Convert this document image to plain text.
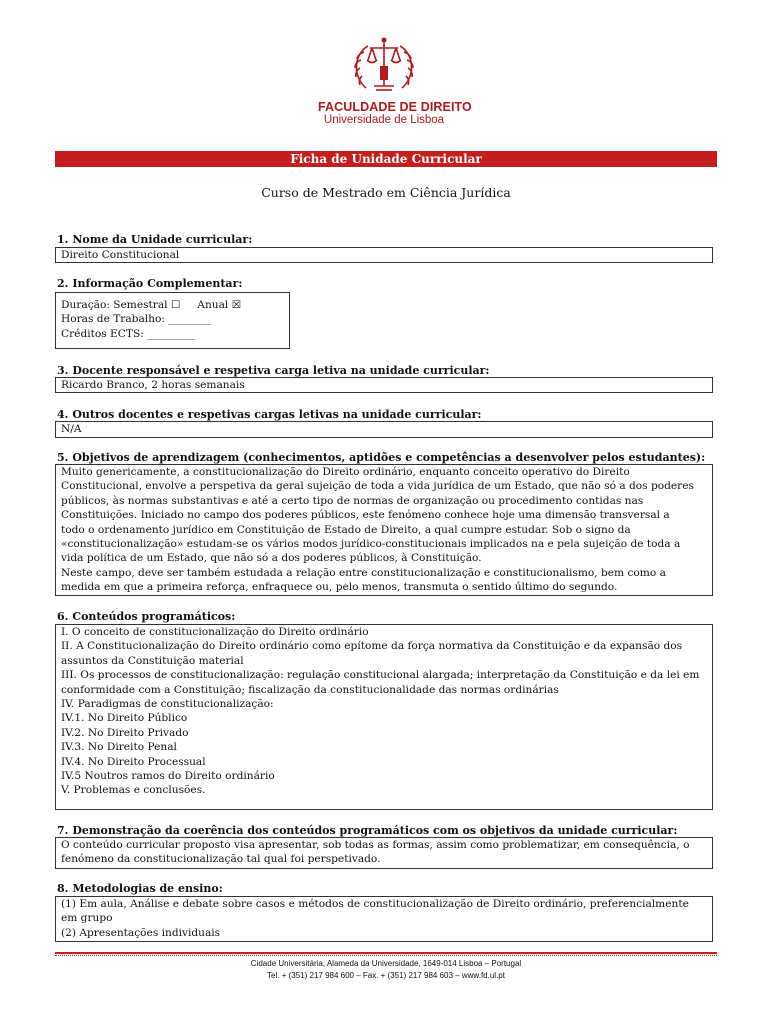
FACULDADE DE DIREITO
Universidade de Lisboa
Ficha de Unidade Curricular
Curso de Mestrado em Ciência Jurídica
1. Nome da Unidade curricular:
Direito Constitucional
2. Informação Complementar:
Duração: Semestral ☐ Anual ☒
Horas de Trabalho: ________
Créditos ECTS: _________
3. Docente responsável e respetiva carga letiva na unidade curricular:
Ricardo Branco, 2 horas semanais
4. Outros docentes e respetivas cargas letivas na unidade curricular:
N/A
5. Objetivos de aprendizagem (conhecimentos, aptidões e competências a desenvolver pelos estudantes):
Muito genericamente, a constitucionalização do Direito ordinário, enquanto conceito operativo do Direito
Constitucional, envolve a perspetiva da geral sujeição de toda a vida jurídica de um Estado, que não só a dos poderes
públicos, às normas substantivas e até a certo tipo de normas de organização ou procedimento contidas nas
Constituições. Iniciado no campo dos poderes públicos, este fenómeno conhece hoje uma dimensão transversal a
todo o ordenamento jurídico em Constituição de Estado de Direito, a qual cumpre estudar. Sob o signo da
«constitucionalização» estudam-se os vários modos jurídico-constitucionais implicados na e pela sujeição de toda a
vida política de um Estado, que não só a dos poderes públicos, à Constituição.
Neste campo, deve ser também estudada a relação entre constitucionalização e constitucionalismo, bem como a
medida em que a primeira reforça, enfraquece ou, pelo menos, transmuta o sentido último do segundo.
6. Conteúdos programáticos:
I. O conceito de constitucionalização do Direito ordinário
II. A Constitucionalização do Direito ordinário como epítome da força normativa da Constituição e da expansão dos
assuntos da Constituição material
III. Os processos de constitucionalização: regulação constitucional alargada; interpretação da Constituição e da lei em
conformidade com a Constituição; fiscalização da constitucionalidade das normas ordinárias
IV. Paradigmas de constitucionalização:
IV.1. No Direito Público
IV.2. No Direito Privado
IV.3. No Direito Penal
IV.4. No Direito Processual
IV.5 Noutros ramos do Direito ordinário
V. Problemas e conclusões.
7. Demonstração da coerência dos conteúdos programáticos com os objetivos da unidade curricular:
O conteúdo curricular proposto visa apresentar, sob todas as formas, assim como problematizar, em consequência, o
fenómeno da constitucionalização tal qual foi perspetivado.
8. Metodologias de ensino:
(1) Em aula, Análise e debate sobre casos e métodos de constitucionalização de Direito ordinário, preferencialmente
em grupo
(2) Apresentações individuais
Cidade Universitária, Alameda da Universidade, 1649-014 Lisboa – Portugal
Tel. + (351) 217 984 600 – Fax. + (351) 217 984 603 – www.fd.ul.pt
